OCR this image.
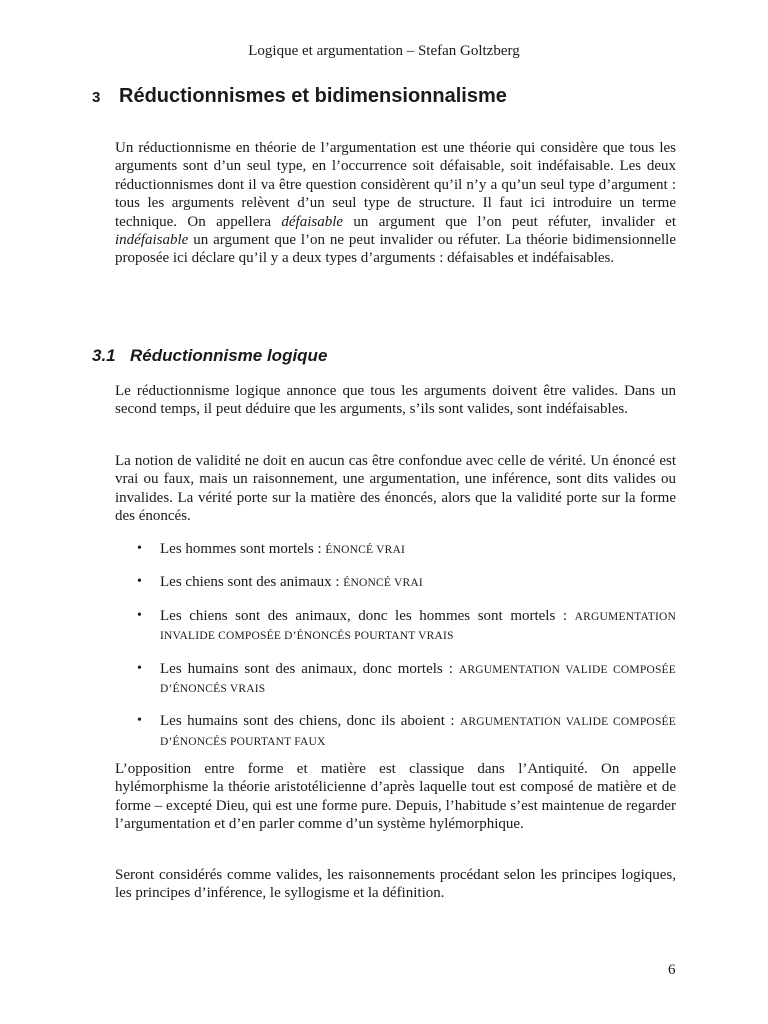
Logique et argumentation – Stefan Goltzberg
3 Réductionnismes et bidimensionnalisme

Un réductionnisme en théorie de l’argumentation est une théorie qui considère que tous les arguments sont d’un seul type, en l’occurrence soit défaisable, soit indéfaisable. Les deux réductionnismes dont il va être question considèrent qu’il n’y a qu’un seul type d’argument : tous les arguments relèvent d’un seul type de structure. Il faut ici introduire un terme technique. On appellera défaisable un argument que l’on peut réfuter, invalider et indéfaisable un argument que l’on ne peut invalider ou réfuter. La théorie bidimensionnelle proposée ici déclare qu’il y a deux types d’arguments : défaisables et indéfaisables.

3.1 Réductionnisme logique

Le réductionnisme logique annonce que tous les arguments doivent être valides. Dans un second temps, il peut déduire que les arguments, s’ils sont valides, sont indéfaisables.

La notion de validité ne doit en aucun cas être confondue avec celle de vérité. Un énoncé est vrai ou faux, mais un raisonnement, une argumentation, une inférence, sont dits valides ou invalides. La vérité porte sur la matière des énoncés, alors que la validité porte sur la forme des énoncés.

• Les hommes sont mortels : ÉNONCÉ VRAI
• Les chiens sont des animaux : ÉNONCÉ VRAI
• Les chiens sont des animaux, donc les hommes sont mortels : ARGUMENTATION INVALIDE COMPOSÉE D’ÉNONCÉS POURTANT VRAIS
• Les humains sont des animaux, donc mortels : ARGUMENTATION VALIDE COMPOSÉE D’ÉNONCÉS VRAIS
• Les humains sont des chiens, donc ils aboient : ARGUMENTATION VALIDE COMPOSÉE D’ÉNONCÉS POURTANT FAUX

L’opposition entre forme et matière est classique dans l’Antiquité. On appelle hylémorphisme la théorie aristotélicienne d’après laquelle tout est composé de matière et de forme – excepté Dieu, qui est une forme pure. Depuis, l’habitude s’est maintenue de regarder l’argumentation et d’en parler comme d’un système hylémorphique.

Seront considérés comme valides, les raisonnements procédant selon les principes logiques, les principes d’inférence, le syllogisme et la définition.

6
